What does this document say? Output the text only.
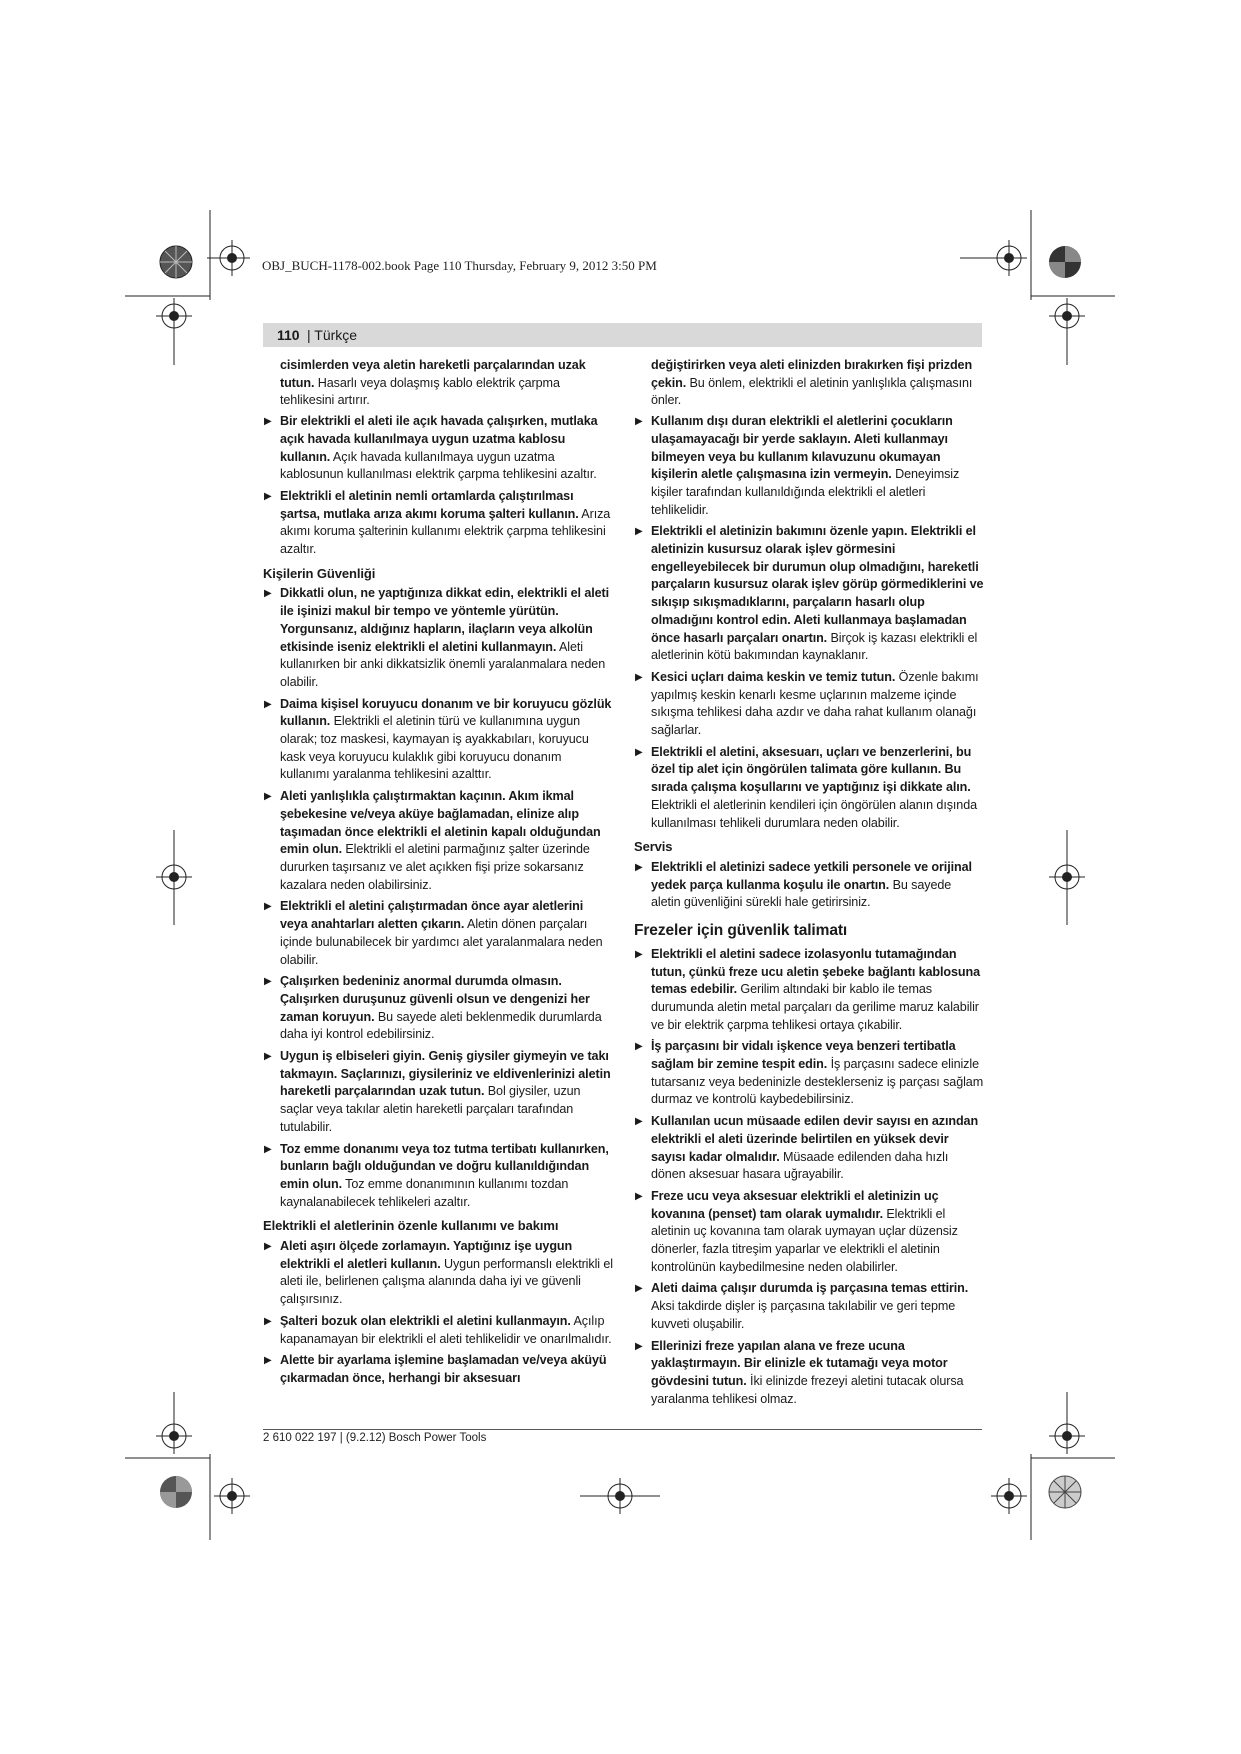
OBJ_BUCH-1178-002.book Page 110 Thursday, February 9, 2012 3:50 PM
110 | Türkçe
cisimlerden veya aletin hareketli parçalarından uzak tutun. Hasarlı veya dolaşmış kablo elektrik çarpma tehlikesini artırır.
▶ Bir elektrikli el aleti ile açık havada çalışırken, mutlaka açık havada kullanılmaya uygun uzatma kablosu kullanın. Açık havada kullanılmaya uygun uzatma kablosunun kullanılması elektrik çarpma tehlikesini azaltır.
▶ Elektrikli el aletinin nemli ortamlarda çalıştırılması şartsa, mutlaka arıza akımı koruma şalteri kullanın. Arıza akımı koruma şalterinin kullanımı elektrik çarpma tehlikesini azaltır.
Kişilerin Güvenliği
▶ Dikkatli olun, ne yaptığınıza dikkat edin, elektrikli el aleti ile işinizi makul bir tempo ve yöntemle yürütün. Yorgunsanız, aldığınız hapların, ilaçların veya alkolün etkisinde iseniz elektrikli el aletini kullanmayın. Aleti kullanırken bir anki dikkatsizlik önemli yaralanmalara neden olabilir.
▶ Daima kişisel koruyucu donanım ve bir koruyucu gözlük kullanın. Elektrikli el aletinin türü ve kullanımına uygun olarak; toz maskesi, kaymayan iş ayakkabıları, koruyucu kask veya koruyucu kulaklık gibi koruyucu donanım kullanımı yaralanma tehlikesini azalttır.
▶ Aleti yanlışlıkla çalıştırmaktan kaçının. Akım ikmal şebekesine ve/veya aküye bağlamadan, elinize alıp taşımadan önce elektrikli el aletinin kapalı olduğundan emin olun. Elektrikli el aletini parmağınız şalter üzerinde dururken taşırsanız ve alet açıkken fişi prize sokarsanız kazalara neden olabilirsiniz.
▶ Elektrikli el aletini çalıştırmadan önce ayar aletlerini veya anahtarları aletten çıkarın. Aletin dönen parçaları içinde bulunabilecek bir yardımcı alet yaralanmalara neden olabilir.
▶ Çalışırken bedeniniz anormal durumda olmasın. Çalışırken duruşunuz güvenli olsun ve dengenizi her zaman koruyun. Bu sayede aleti beklenmedik durumlarda daha iyi kontrol edebilirsiniz.
▶ Uygun iş elbiseleri giyin. Geniş giysiler giymeyin ve takı takmayın. Saçlarınızı, giysileriniz ve eldivenlerinizi aletin hareketli parçalarından uzak tutun. Bol giysiler, uzun saçlar veya takılar aletin hareketli parçaları tarafından tutulabilir.
▶ Toz emme donanımı veya toz tutma tertibatı kullanırken, bunların bağlı olduğundan ve doğru kullanıldığından emin olun. Toz emme donanımının kullanımı tozdan kaynalanabilecek tehlikeleri azaltır.
Elektrikli el aletlerinin özenle kullanımı ve bakımı
▶ Aleti aşırı ölçede zorlamayın. Yaptığınız işe uygun elektrikli el aletleri kullanın. Uygun performanslı elektrikli el aleti ile, belirlenen çalışma alanında daha iyi ve güvenli çalışırsınız.
▶ Şalteri bozuk olan elektrikli el aletini kullanmayın. Açılıp kapanamayan bir elektrikli el aleti tehlikelidir ve onarılmalıdır.
▶ Alette bir ayarlama işlemine başlamadan ve/veya aküyü çıkarmadan önce, herhangi bir aksesuarı
değiştirirken veya aleti elinizden bırakırken fişi prizden çekin. Bu önlem, elektrikli el aletinin yanlışlıkla çalışmasını önler.
▶ Kullanım dışı duran elektrikli el aletlerini çocukların ulaşamayacağı bir yerde saklayın. Aleti kullanmayı bilmeyen veya bu kullanım kılavuzunu okumayan kişilerin aletle çalışmasına izin vermeyin. Deneyimsiz kişiler tarafından kullanıldığında elektrikli el aletleri tehlikelidir.
▶ Elektrikli el aletinizin bakımını özenle yapın. Elektrikli el aletinizin kusursuz olarak işlev görmesini engelleyebilecek bir durumun olup olmadığını, hareketli parçaların kusursuz olarak işlev görüp görmediklerini ve sıkışıp sıkışmadıklarını, parçaların hasarlı olup olmadığını kontrol edin. Aleti kullanmaya başlamadan önce hasarlı parçaları onartın. Birçok iş kazası elektrikli el aletlerinin kötü bakımından kaynaklanır.
▶ Kesici uçları daima keskin ve temiz tutun. Özenle bakımı yapılmış keskin kenarlı kesme uçlarının malzeme içinde sıkışma tehlikesi daha azdır ve daha rahat kullanım olanağı sağlarlar.
▶ Elektrikli el aletini, aksesuarı, uçları ve benzerlerini, bu özel tip alet için öngörülen talimata göre kullanın. Bu sırada çalışma koşullarını ve yaptığınız işi dikkate alın. Elektrikli el aletlerinin kendileri için öngörülen alanın dışında kullanılması tehlikeli durumlara neden olabilir.
Servis
▶ Elektrikli el aletinizi sadece yetkili personele ve orijinal yedek parça kullanma koşulu ile onartın. Bu sayede aletin güvenliğini sürekli hale getirirsiniz.
Frezeler için güvenlik talimatı
▶ Elektrikli el aletini sadece izolasyonlu tutamağından tutun, çünkü freze ucu aletin şebeke bağlantı kablosuna temas edebilir. Gerilim altındaki bir kablo ile temas durumunda aletin metal parçaları da gerilime maruz kalabilir ve bir elektrik çarpma tehlikesi ortaya çıkabilir.
▶ İş parçasını bir vidalı işkence veya benzeri tertibatla sağlam bir zemine tespit edin. İş parçasını sadece elinizle tutarsanız veya bedeninizle desteklerseniz iş parçası sağlam durmaz ve kontrolü kaybedebilirsiniz.
▶ Kullanılan ucun müsaade edilen devir sayısı en azından elektrikli el aleti üzerinde belirtilen en yüksek devir sayısı kadar olmalıdır. Müsaade edilenden daha hızlı dönen aksesuar hasara uğrayabilir.
▶ Freze ucu veya aksesuar elektrikli el aletinizin uç kovanına (penset) tam olarak uymalıdır. Elektrikli el aletinin uç kovanına tam olarak uymayan uçlar düzensiz dönerler, fazla titreşim yaparlar ve elektrikli el aletinin kontrolünün kaybedilmesine neden olabilirler.
▶ Aleti daima çalışır durumda iş parçasına temas ettirin. Aksi takdirde dişler iş parçasına takılabilir ve geri tepme kuvveti oluşabilir.
▶ Ellerinizi freze yapılan alana ve freze ucuna yaklaştırmayın. Bir elinizle ek tutamağı veya motor gövdesini tutun. İki elinizde frezeyi aletini tutacak olursa yaralanma tehlikesi olmaz.
2 610 022 197 | (9.2.12) Bosch Power Tools
